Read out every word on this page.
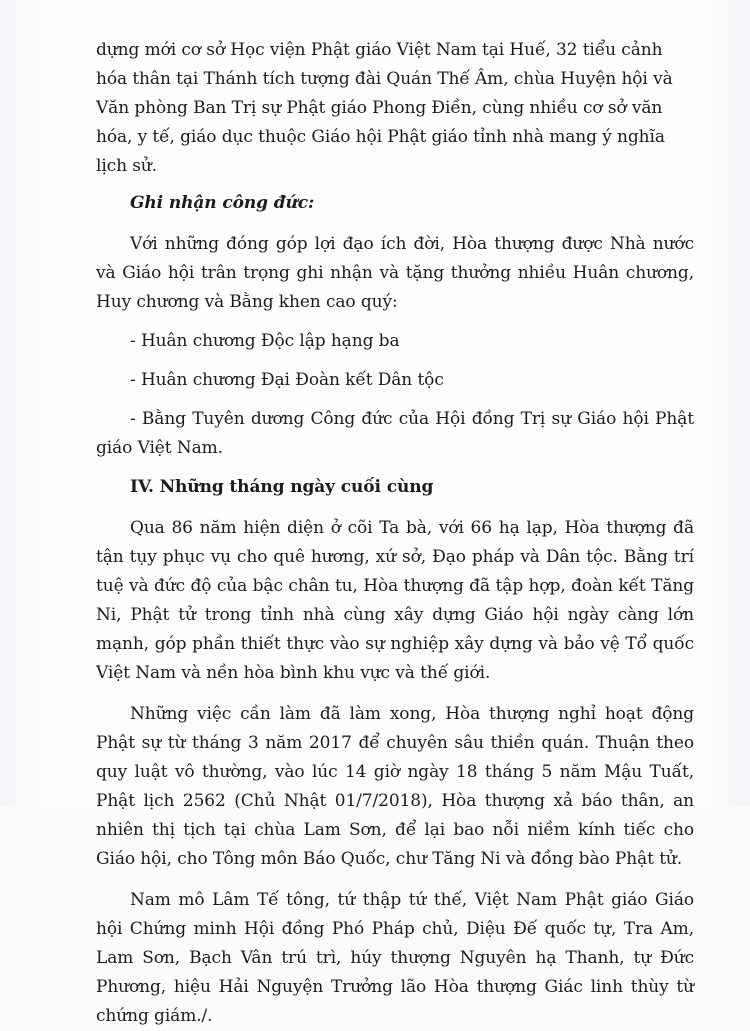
dựng mới cơ sở Học viện Phật giáo Việt Nam tại Huế, 32 tiểu cảnh hóa thân tại Thánh tích tượng đài Quán Thế Âm, chùa Huyện hội và Văn phòng Ban Trị sự Phật giáo Phong Điền, cùng nhiều cơ sở văn hóa, y tế, giáo dục thuộc Giáo hội Phật giáo tỉnh nhà mang ý nghĩa lịch sử.

Ghi nhận công đức:

Với những đóng góp lợi đạo ích đời, Hòa thượng được Nhà nước và Giáo hội trân trọng ghi nhận và tặng thưởng nhiều Huân chương, Huy chương và Bằng khen cao quý:

- Huân chương Độc lập hạng ba

- Huân chương Đại Đoàn kết Dân tộc

- Bằng Tuyên dương Công đức của Hội đồng Trị sự Giáo hội Phật giáo Việt Nam.

IV. Những tháng ngày cuối cùng

Qua 86 năm hiện diện ở cõi Ta bà, với 66 hạ lạp, Hòa thượng đã tận tụy phục vụ cho quê hương, xứ sở, Đạo pháp và Dân tộc. Bằng trí tuệ và đức độ của bậc chân tu, Hòa thượng đã tập hợp, đoàn kết Tăng Ni, Phật tử trong tỉnh nhà cùng xây dựng Giáo hội ngày càng lớn mạnh, góp phần thiết thực vào sự nghiệp xây dựng và bảo vệ Tổ quốc Việt Nam và nền hòa bình khu vực và thế giới.

Những việc cần làm đã làm xong, Hòa thượng nghỉ hoạt động Phật sự từ tháng 3 năm 2017 để chuyên sâu thiền quán. Thuận theo quy luật vô thường, vào lúc 14 giờ ngày 18 tháng 5 năm Mậu Tuất, Phật lịch 2562 (Chủ Nhật 01/7/2018), Hòa thượng xả báo thân, an nhiên thị tịch tại chùa Lam Sơn, để lại bao nỗi niềm kính tiếc cho Giáo hội, cho Tông môn Báo Quốc, chư Tăng Ni và đồng bào Phật tử.

Nam mô Lâm Tế tông, tứ thập tứ thế, Việt Nam Phật giáo Giáo hội Chứng minh Hội đồng Phó Pháp chủ, Diệu Đế quốc tự, Tra Am, Lam Sơn, Bạch Vân trú trì, húy thượng Nguyên hạ Thanh, tự Đức Phương, hiệu Hải Nguyện Trưởng lão Hòa thượng Giác linh thùy từ chứng giám./.
